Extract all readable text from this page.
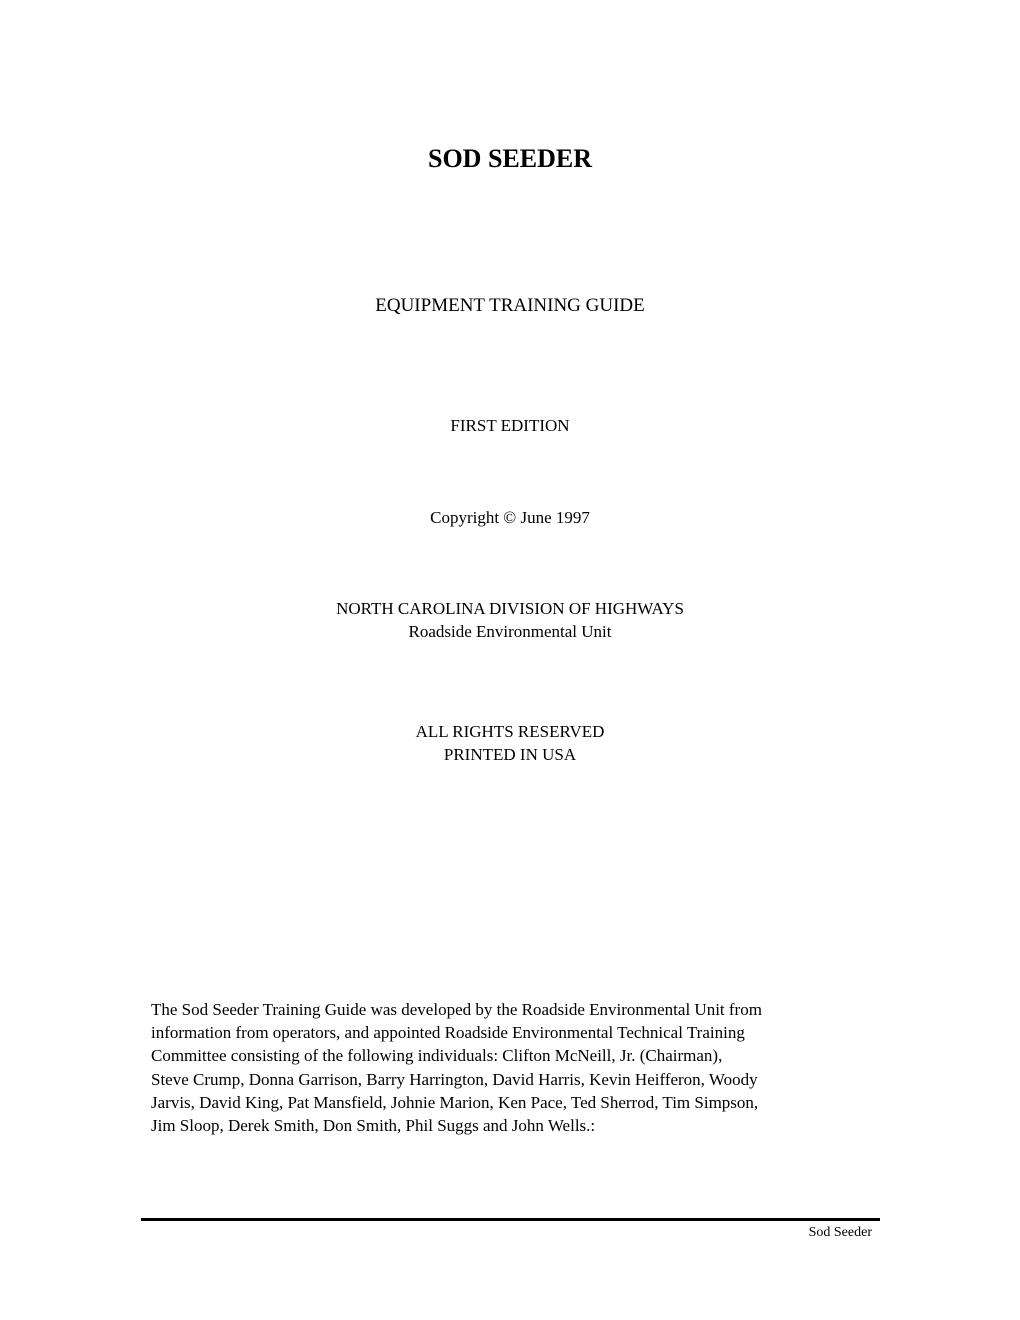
SOD SEEDER
EQUIPMENT TRAINING GUIDE
FIRST EDITION
Copyright © June 1997
NORTH CAROLINA DIVISION OF HIGHWAYS
Roadside Environmental Unit
ALL RIGHTS RESERVED
PRINTED IN USA

The Sod Seeder Training Guide was developed by the Roadside Environmental Unit from
information from operators, and appointed Roadside Environmental Technical Training
Committee consisting of the following individuals: Clifton McNeill, Jr. (Chairman),
Steve Crump, Donna Garrison, Barry Harrington, David Harris, Kevin Heifferon, Woody
Jarvis, David King, Pat Mansfield, Johnie Marion, Ken Pace, Ted Sherrod, Tim Simpson,
Jim Sloop, Derek Smith, Don Smith, Phil Suggs and John Wells.:

Sod Seeder
